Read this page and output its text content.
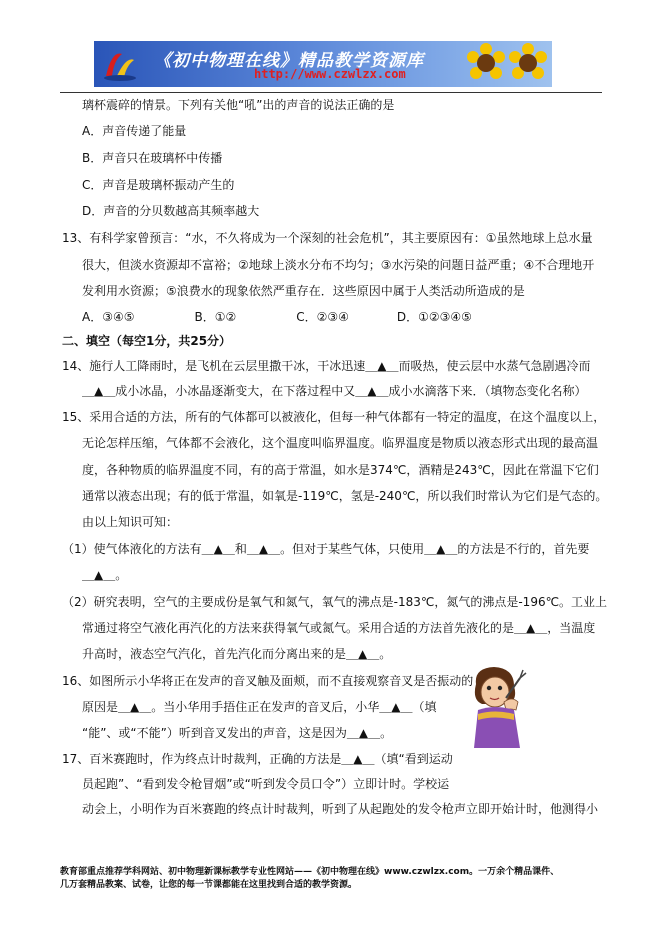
《初中物理在线》精品教学资源库
http://www.czwlzx.com
璃杯震碎的情景。下列有关他“吼”出的声音的说法正确的是
A．声音传递了能量
B．声音只在玻璃杯中传播
C．声音是玻璃杯振动产生的
D．声音的分贝数越高其频率越大
13、有科学家曾预言：“水，不久将成为一个深刻的社会危机”，其主要原因有：①虽然地球上总水量
很大，但淡水资源却不富裕；②地球上淡水分布不均匀；③水污染的问题日益严重；④不合理地开
发利用水资源；⑤浪费水的现象依然严重存在．这些原因中属于人类活动所造成的是
A．③④⑤　　　　　B．①②　　　　　C．②③④　　　　D．①②③④⑤
二、填空（每空1分，共25分）
14、施行人工降雨时，是飞机在云层里撒干冰，干冰迅速＿▲＿而吸热，使云层中水蒸气急剧遇冷而
＿▲＿成小冰晶，小冰晶逐渐变大，在下落过程中又＿▲＿成小水滴落下来．（填物态变化名称）
15、采用合适的方法，所有的气体都可以被液化，但每一种气体都有一特定的温度，在这个温度以上，
无论怎样压缩，气体都不会液化，这个温度叫临界温度。临界温度是物质以液态形式出现的最高温
度，各种物质的临界温度不同，有的高于常温，如水是374℃，酒精是243℃，因此在常温下它们
通常以液态出现；有的低于常温，如氧是-119℃，氢是-240℃，所以我们时常认为它们是气态的。
由以上知识可知：
（1）使气体液化的方法有＿▲＿和＿▲＿。但对于某些气体，只使用＿▲＿的方法是不行的，首先要
＿▲＿。
（2）研究表明，空气的主要成份是氧气和氮气，氧气的沸点是-183℃，氮气的沸点是-196℃。工业上
常通过将空气液化再汽化的方法来获得氧气或氮气。采用合适的方法首先液化的是＿▲＿，当温度
升高时，液态空气汽化，首先汽化而分离出来的是＿▲＿。
16、如图所示小华将正在发声的音叉触及面颊，而不直接观察音叉是否振动的
原因是＿▲＿。当小华用手捂住正在发声的音叉后，小华＿▲＿（填
“能”、或“不能”）听到音叉发出的声音，这是因为＿▲＿。
17、百米赛跑时，作为终点计时裁判，正确的方法是＿▲＿（填“看到运动
员起跑”、“看到发令枪冒烟”或“听到发令员口令”）立即计时。学校运
动会上，小明作为百米赛跑的终点计时裁判，听到了从起跑处的发令枪声立即开始计时，他测得小
教育部重点推荐学科网站、初中物理新课标教学专业性网站——《初中物理在线》www.czwlzx.com。一万余个精品课件、
几万套精品教案、试卷，让您的每一节课都能在这里找到合适的教学资源。
